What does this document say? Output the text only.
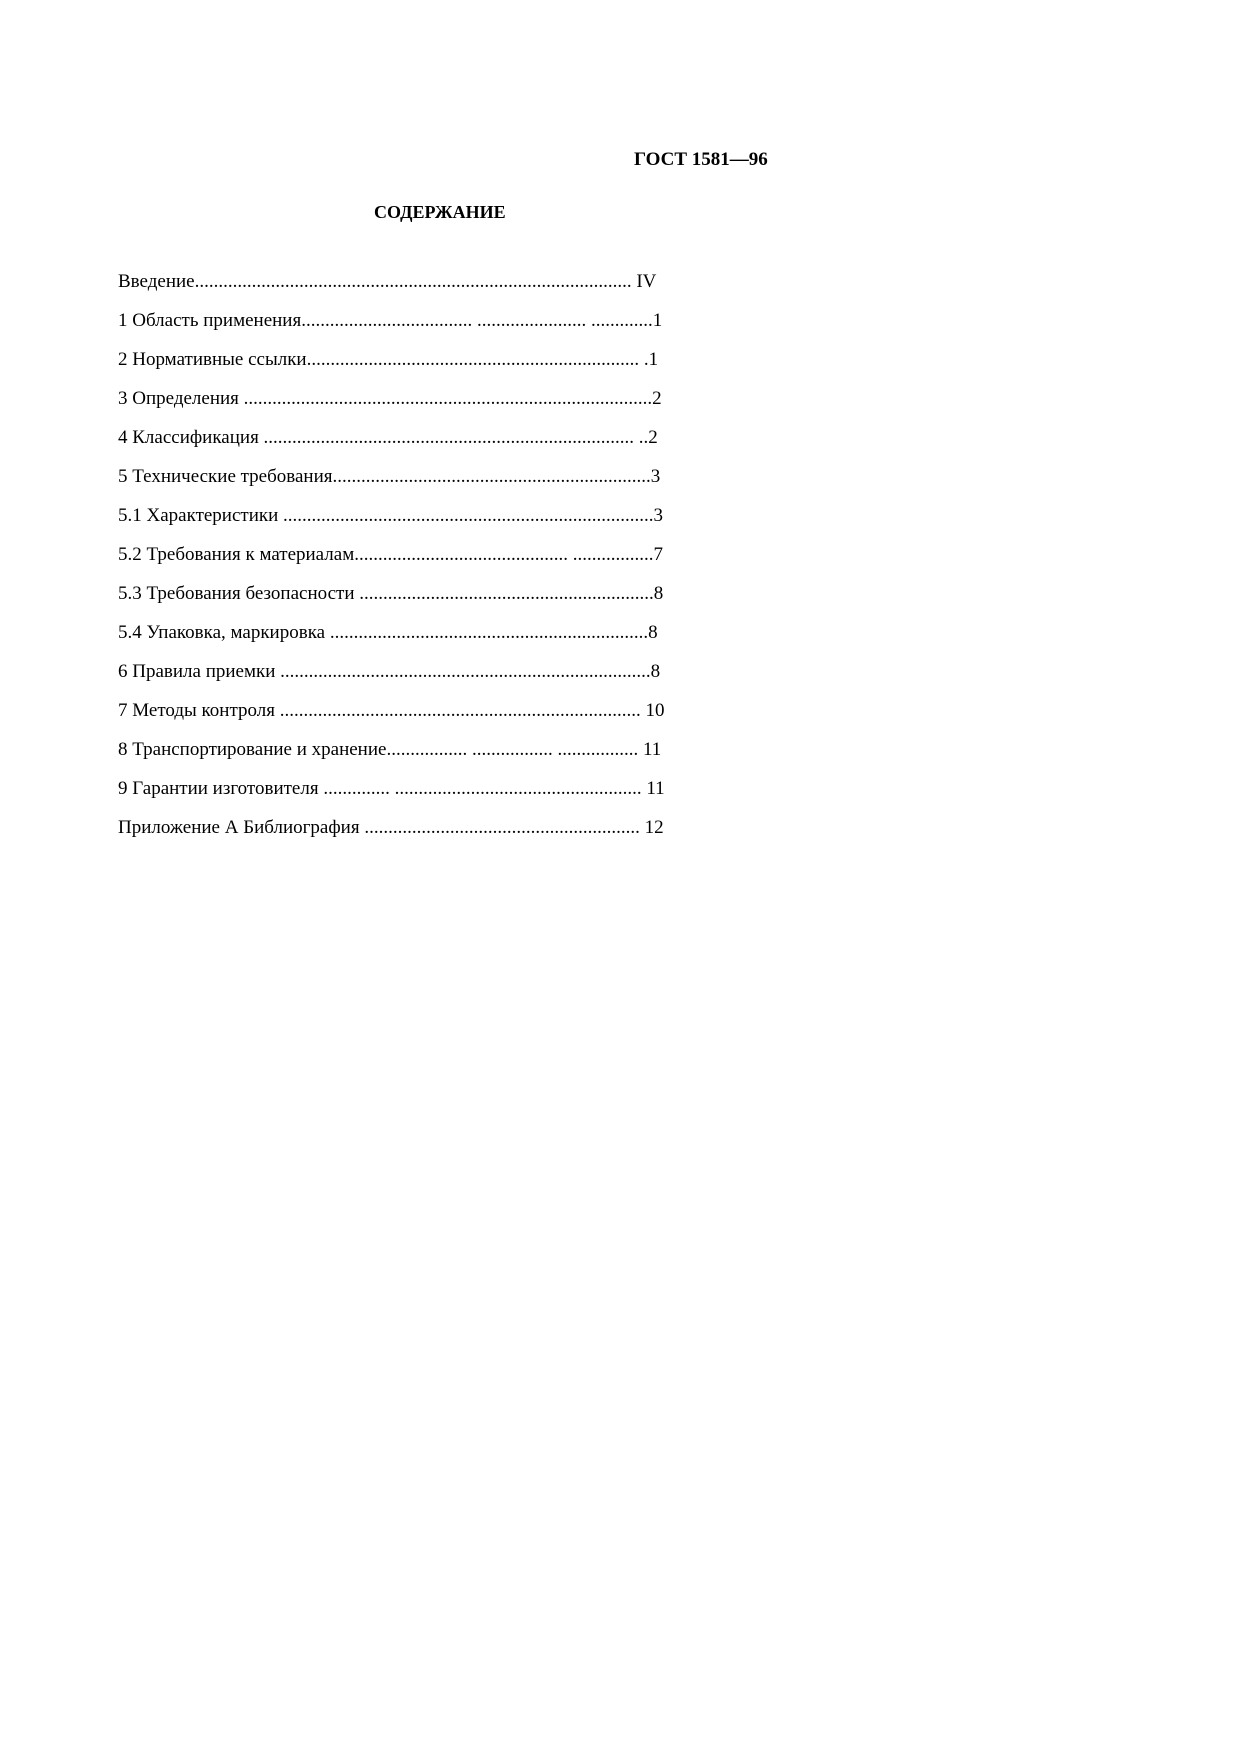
ГОСТ 1581—96
СОДЕРЖАНИЕ
Введение............................................................................................ IV
1 Область применения.................................... ....................... .............1
2 Нормативные ссылки...................................................................... .1
3 Определения ......................................................................................2
4 Классификация .............................................................................. ..2
5 Технические требования...................................................................3
5.1 Характеристики ..............................................................................3
5.2 Требования к материалам............................................. .................7
5.3 Требования безопасности ..............................................................8
5.4 Упаковка, маркировка ...................................................................8
6 Правила приемки ..............................................................................8
7 Методы контроля ............................................................................ 10
8 Транспортирование и хранение................. ................. ................. 11
9 Гарантии изготовителя .............. .................................................... 11
Приложение А Библиография .......................................................... 12
